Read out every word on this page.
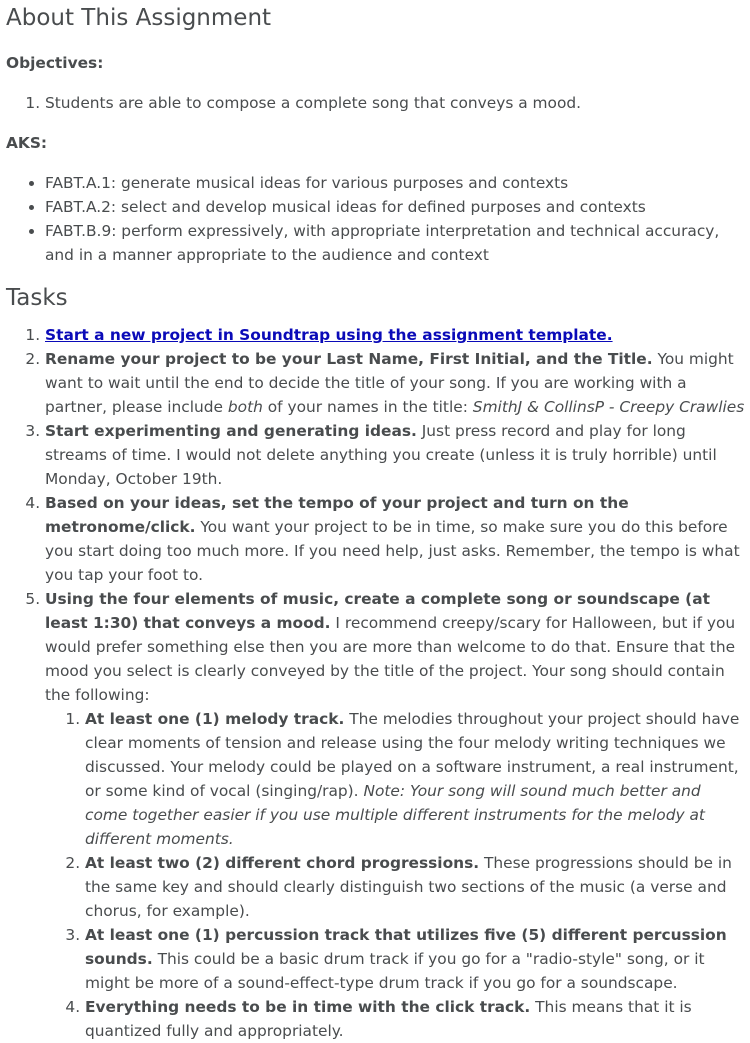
About This Assignment

Objectives:

1. Students are able to compose a complete song that conveys a mood.

AKS:

• FABT.A.1: generate musical ideas for various purposes and contexts
• FABT.A.2: select and develop musical ideas for defined purposes and contexts
• FABT.B.9: perform expressively, with appropriate interpretation and technical accuracy, and in a manner appropriate to the audience and context
Tasks
1. Start a new project in Soundtrap using the assignment template.
2. Rename your project to be your Last Name, First Initial, and the Title. You might want to wait until the end to decide the title of your song. If you are working with a partner, please include both of your names in the title: SmithJ & CollinsP - Creepy Crawlies
3. Start experimenting and generating ideas. Just press record and play for long streams of time. I would not delete anything you create (unless it is truly horrible) until Monday, October 19th.
4. Based on your ideas, set the tempo of your project and turn on the metronome/click. You want your project to be in time, so make sure you do this before you start doing too much more. If you need help, just asks. Remember, the tempo is what you tap your foot to.
5. Using the four elements of music, create a complete song or soundscape (at least 1:30) that conveys a mood. I recommend creepy/scary for Halloween, but if you would prefer something else then you are more than welcome to do that. Ensure that the mood you select is clearly conveyed by the title of the project. Your song should contain the following:
1. At least one (1) melody track. The melodies throughout your project should have clear moments of tension and release using the four melody writing techniques we discussed. Your melody could be played on a software instrument, a real instrument, or some kind of vocal (singing/rap). Note: Your song will sound much better and come together easier if you use multiple different instruments for the melody at different moments.
2. At least two (2) different chord progressions. These progressions should be in the same key and should clearly distinguish two sections of the music (a verse and chorus, for example).
3. At least one (1) percussion track that utilizes five (5) different percussion sounds. This could be a basic drum track if you go for a "radio-style" song, or it might be more of a sound-effect-type drum track if you go for a soundscape.
4. Everything needs to be in time with the click track. This means that it is quantized fully and appropriately.
